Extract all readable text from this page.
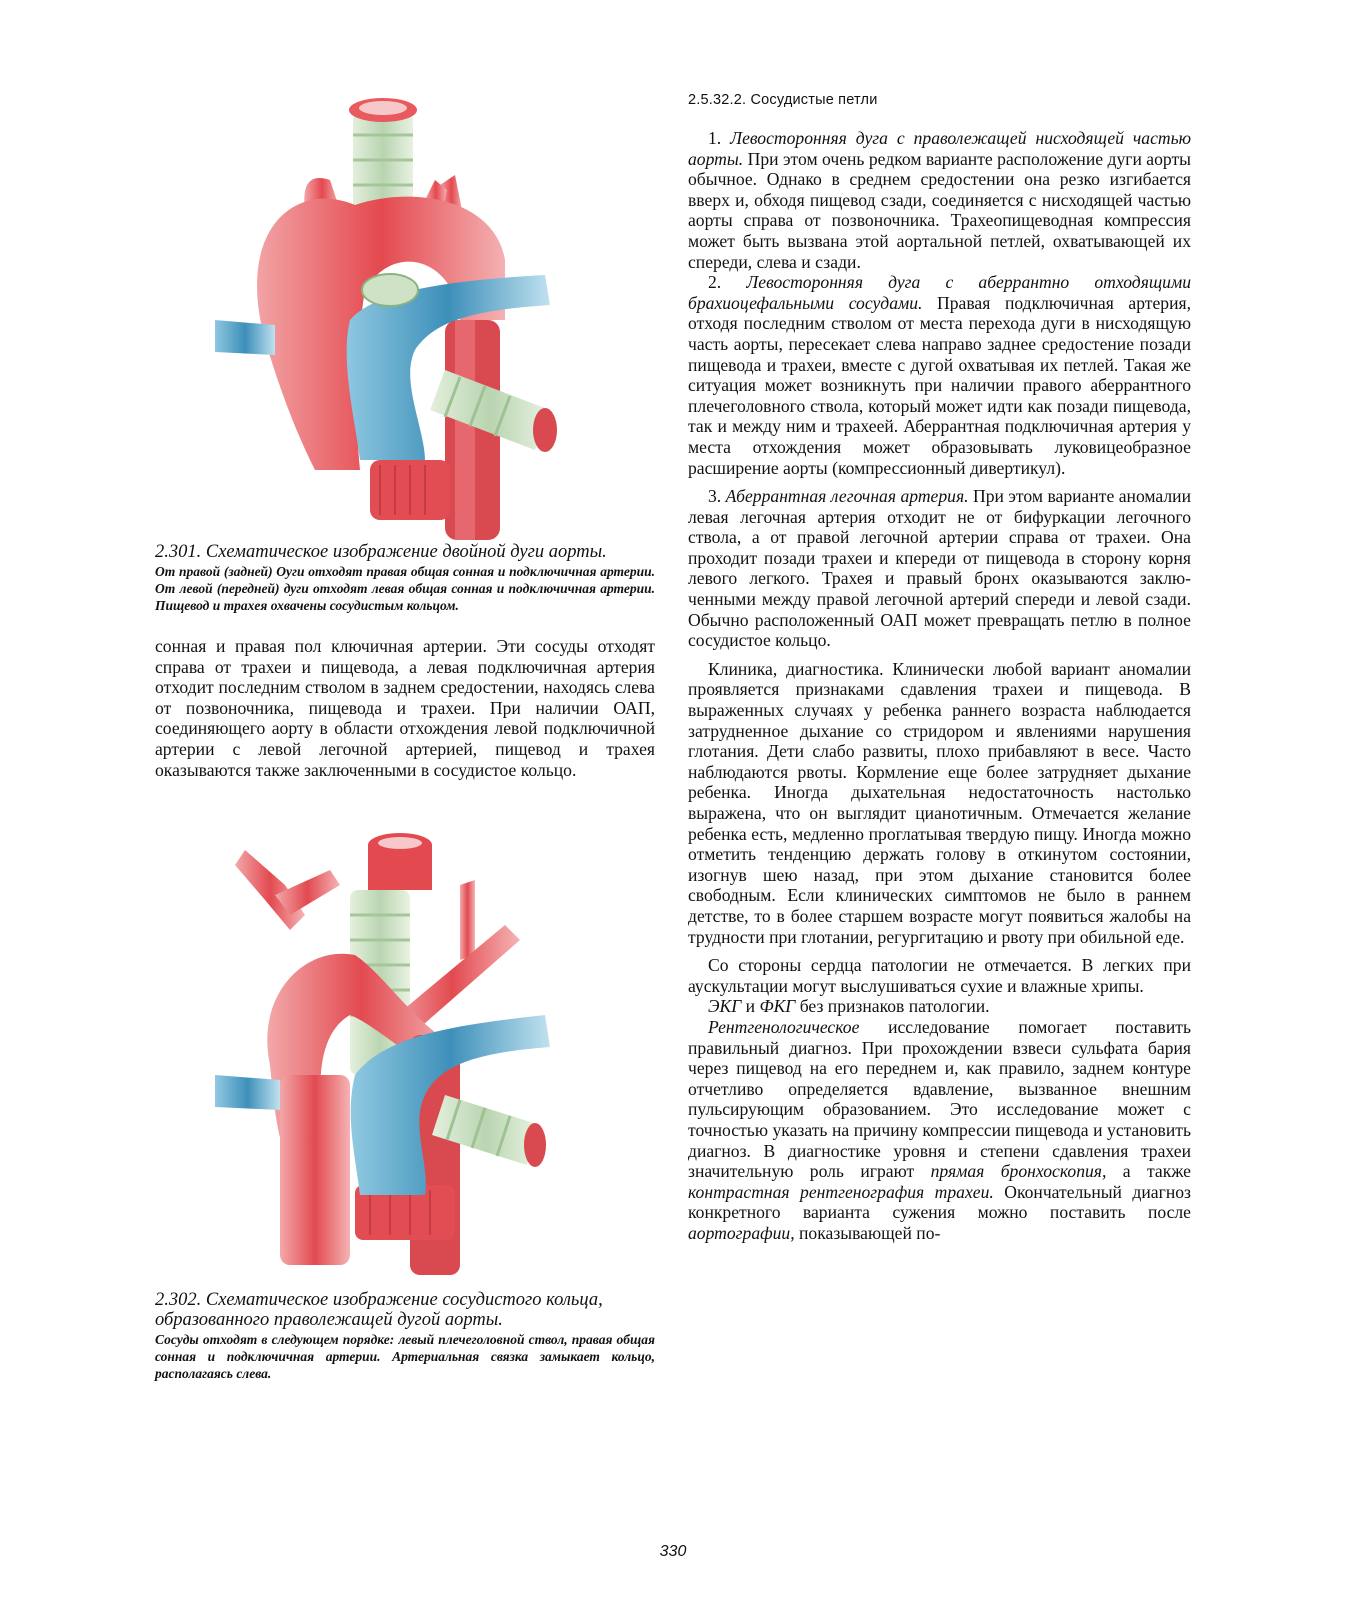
2.301. Схематическое изображение двойной дуги аорты.

От правой (задней) Оуги отходят правая общая сонная и подключичная артерии. От левой (передней) дуги отходят левая общая сонная и подключичная артерии. Пищевод и трахея охвачены сосудистым кольцом.

сонная и правая пол ключичная артерии. Эти сосуды отходят справа от трахеи и пищевода, а левая подключичная артерия отходит последним стволом в заднем средостении, находясь слева от позвоночника, пищевода и трахеи. При наличии ОАП, соединяющего аорту в области отхождения левой подключичной артерии с левой легочной артерией, пищевод и трахея оказываются также заключенными в сосудистое кольцо.

2.302. Схематическое изображение сосудистого кольца, образованного праволежащей дугой аорты.

Сосуды отходят в следующем порядке: левый плечеголовной ствол, правая общая сонная и подключичная артерии. Артериальная связка замыкает кольцо, располагаясь слева.

2.5.32.2. Сосудистые петли

1. Левосторонняя дуга с праволежащей нисходящей частью аорты. При этом очень редком варианте расположение дуги аорты обычное. Однако в среднем средостении она резко изгибается вверх и, обходя пищевод сзади, соединяется с нисходящей частью аорты справа от позвоночника. Трахеопищеводная компрессия может быть вызвана этой аортальной петлей, охватывающей их спереди, слева и сзади.

2. Левосторонняя дуга с аберрантно отходящими брахиоцефальными сосудами. Правая подключичная артерия, отходя последним стволом от места перехода дуги в нисходящую часть аорты, пересекает слева направо заднее средостение позади пищевода и трахеи, вместе с дугой охватывая их петлей. Такая же ситуация может возникнуть при наличии правого аберрантного плечеголовного ствола, который может идти как позади пищевода, так и между ним и трахеей. Аберрантная подключичная артерия у места отхождения может образовывать луковицеобразное расширение аорты (компрессионный дивертикул).

3. Аберрантная легочная артерия. При этом варианте аномалии левая легочная артерия отходит не от бифуркации легочного ствола, а от правой легочной артерии справа от трахеи. Она проходит позади трахеи и кпереди от пищевода в сторону корня левого легкого. Трахея и правый бронх оказываются заключенными между правой легочной артерий спереди и левой сзади. Обычно расположенный ОАП может превращать петлю в полное сосудистое кольцо.

Клиника, диагностика. Клинически любой вариант аномалии проявляется признаками сдавления трахеи и пищевода. В выраженных случаях у ребенка раннего возраста наблюдается затрудненное дыхание со стридором и явлениями нарушения глотания. Дети слабо развиты, плохо прибавляют в весе. Часто наблюдаются рвоты. Кормление еще более затрудняет дыхание ребенка. Иногда дыхательная недостаточность настолько выражена, что он выглядит цианотичным. Отмечается желание ребенка есть, медленно проглатывая твердую пищу. Иногда можно отметить тенденцию держать голову в откинутом состоянии, изогнув шею назад, при этом дыхание становится более свободным. Если клинических симптомов не было в раннем детстве, то в более старшем возрасте могут появиться жалобы на трудности при глотании, регургитацию и рвоту при обильной еде.

Со стороны сердца патологии не отмечается. В легких при аускультации могут выслушиваться сухие и влажные хрипы.

ЭКГ и ФКГ без признаков патологии.

Рентгенологическое исследование помогает поставить правильный диагноз. При прохождении взвеси сульфата бария через пищевод на его переднем и, как правило, заднем контуре отчетливо определяется вдавление, вызванное внешним пульсирующим образованием. Это исследование может с точностью указать на причину компрессии пищевода и установить диагноз. В диагностике уровня и степени сдавления трахеи значительную роль играют прямая бронхоскопия, а также контрастная рентгенография трахеи. Окончательный диагноз конкретного варианта сужения можно поставить после аортографии, показывающей по-

330
